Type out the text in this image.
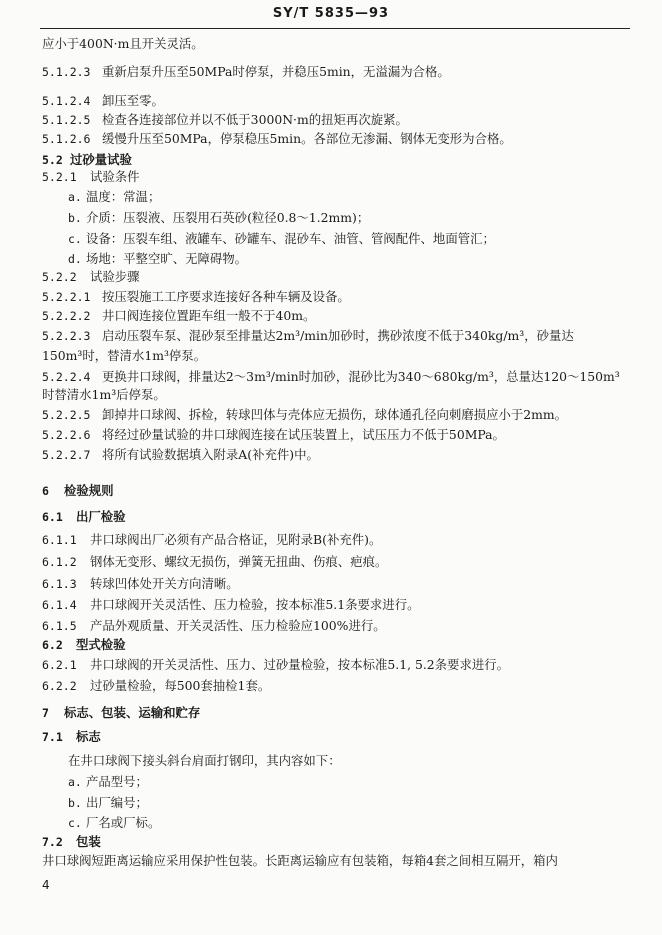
SY/T 5835—93
应小于400N·m且开关灵活。
5.1.2.3 重新启泵升压至50MPa时停泵，并稳压5min，无溢漏为合格。
5.1.2.4 卸压至零。
5.1.2.5 检查各连接部位并以不低于3000N·m的扭矩再次旋紧。
5.1.2.6 缓慢升压至50MPa，停泵稳压5min。各部位无渗漏、钢体无变形为合格。
5.2 过砂量试验
5.2.1 试验条件
a. 温度：常温；
b. 介质：压裂液、压裂用石英砂(粒径0.8～1.2mm)；
c. 设备：压裂车组、液罐车、砂罐车、混砂车、油管、管阀配件、地面管汇；
d. 场地：平整空旷、无障碍物。
5.2.2 试验步骤
5.2.2.1 按压裂施工工序要求连接好各种车辆及设备。
5.2.2.2 井口阀连接位置距车组一般不于40m。
5.2.2.3 启动压裂车泵、混砂泵至排量达2m³/min加砂时，携砂浓度不低于340kg/m³，砂量达
150m³时，替清水1m³停泵。
5.2.2.4 更换井口球阀，排量达2～3m³/min时加砂，混砂比为340～680kg/m³，总量达120～150m³
时替清水1m³后停泵。
5.2.2.5 卸掉井口球阀、拆检，转球凹体与壳体应无损伤，球体通孔径向刺磨损应小于2mm。
5.2.2.6 将经过砂量试验的井口球阀连接在试压装置上，试压压力不低于50MPa。
5.2.2.7 将所有试验数据填入附录A(补充件)中。
6 检验规则
6.1 出厂检验
6.1.1 井口球阀出厂必须有产品合格证，见附录B(补充件)。
6.1.2 钢体无变形、螺纹无损伤，弹簧无扭曲、伤痕、疤痕。
6.1.3 转球凹体处开关方向清晰。
6.1.4 井口球阀开关灵活性、压力检验，按本标准5.1条要求进行。
6.1.5 产品外观质量、开关灵活性、压力检验应100%进行。
6.2 型式检验
6.2.1 井口球阀的开关灵活性、压力、过砂量检验，按本标准5.1, 5.2条要求进行。
6.2.2 过砂量检验，每500套抽检1套。
7 标志、包装、运输和贮存
7.1 标志
在井口球阀下接头斜台肩面打钢印，其内容如下：
a. 产品型号；
b. 出厂编号；
c. 厂名或厂标。
7.2 包装
井口球阀短距离运输应采用保护性包装。长距离运输应有包装箱，每箱4套之间相互隔开，箱内
4
